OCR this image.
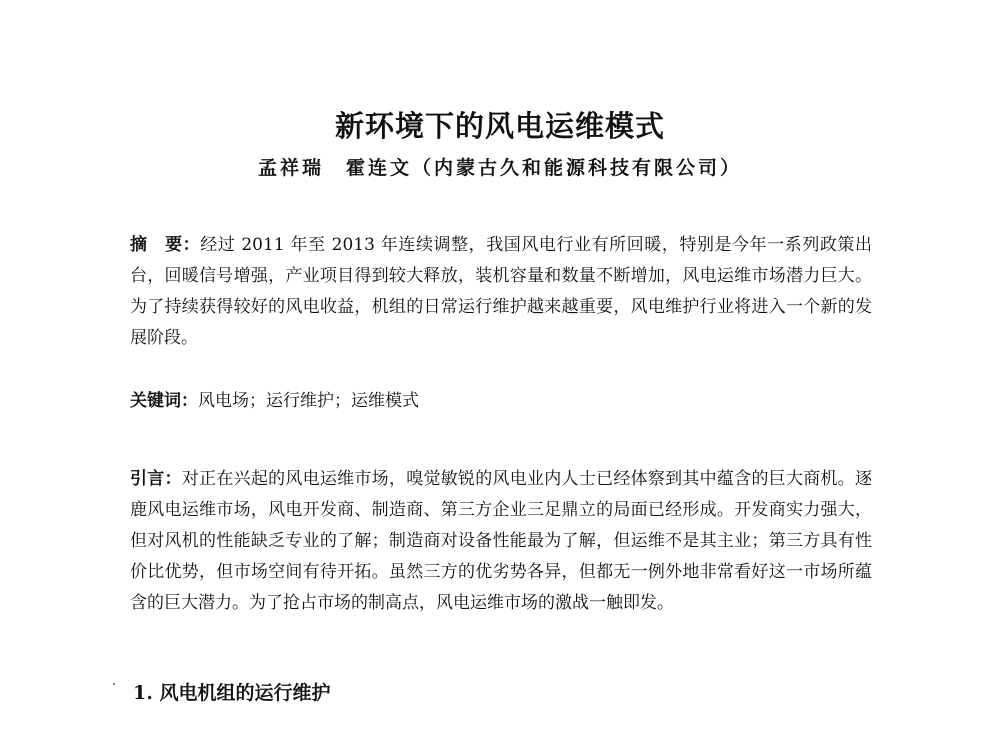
新环境下的风电运维模式
孟祥瑞　霍连文（内蒙古久和能源科技有限公司）

摘　要：经过 2011 年至 2013 年连续调整，我国风电行业有所回暖，特别是今年一系列政策出台，回暖信号增强，产业项目得到较大释放，装机容量和数量不断增加，风电运维市场潜力巨大。为了持续获得较好的风电收益，机组的日常运行维护越来越重要，风电维护行业将进入一个新的发展阶段。

关键词：风电场；运行维护；运维模式

引言：对正在兴起的风电运维市场，嗅觉敏锐的风电业内人士已经体察到其中蕴含的巨大商机。逐鹿风电运维市场，风电开发商、制造商、第三方企业三足鼎立的局面已经形成。开发商实力强大，但对风机的性能缺乏专业的了解；制造商对设备性能最为了解，但运维不是其主业；第三方具有性价比优势，但市场空间有待开拓。虽然三方的优劣势各异，但都无一例外地非常看好这一市场所蕴含的巨大潜力。为了抢占市场的制高点，风电运维市场的激战一触即发。

1. 风电机组的运行维护
